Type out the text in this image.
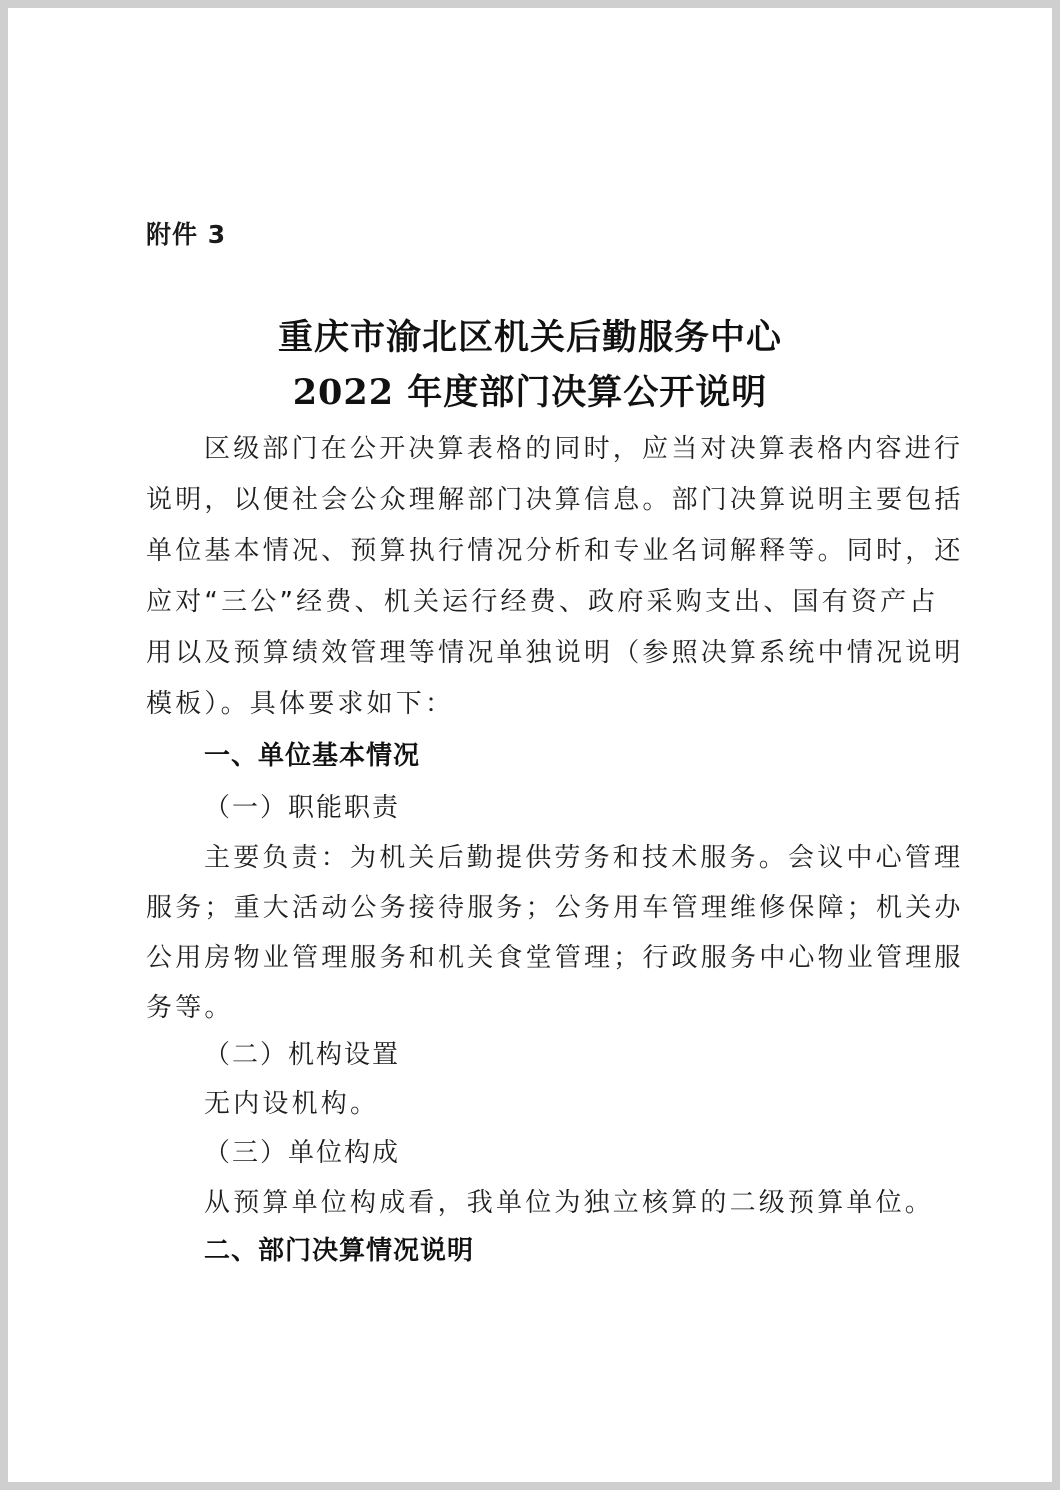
附件 3
重庆市渝北区机关后勤服务中心
2022 年度部门决算公开说明
区级部门在公开决算表格的同时，应当对决算表格内容进行
说明，以便社会公众理解部门决算信息。部门决算说明主要包括
单位基本情况、预算执行情况分析和专业名词解释等。同时，还
应对“三公”经费、机关运行经费、政府采购支出、国有资产占
用以及预算绩效管理等情况单独说明（参照决算系统中情况说明
模板）。具体要求如下：
一、单位基本情况
（一）职能职责
主要负责：为机关后勤提供劳务和技术服务。会议中心管理
服务；重大活动公务接待服务；公务用车管理维修保障；机关办
公用房物业管理服务和机关食堂管理；行政服务中心物业管理服
务等。
（二）机构设置
无内设机构。
（三）单位构成
从预算单位构成看，我单位为独立核算的二级预算单位。
二、部门决算情况说明
